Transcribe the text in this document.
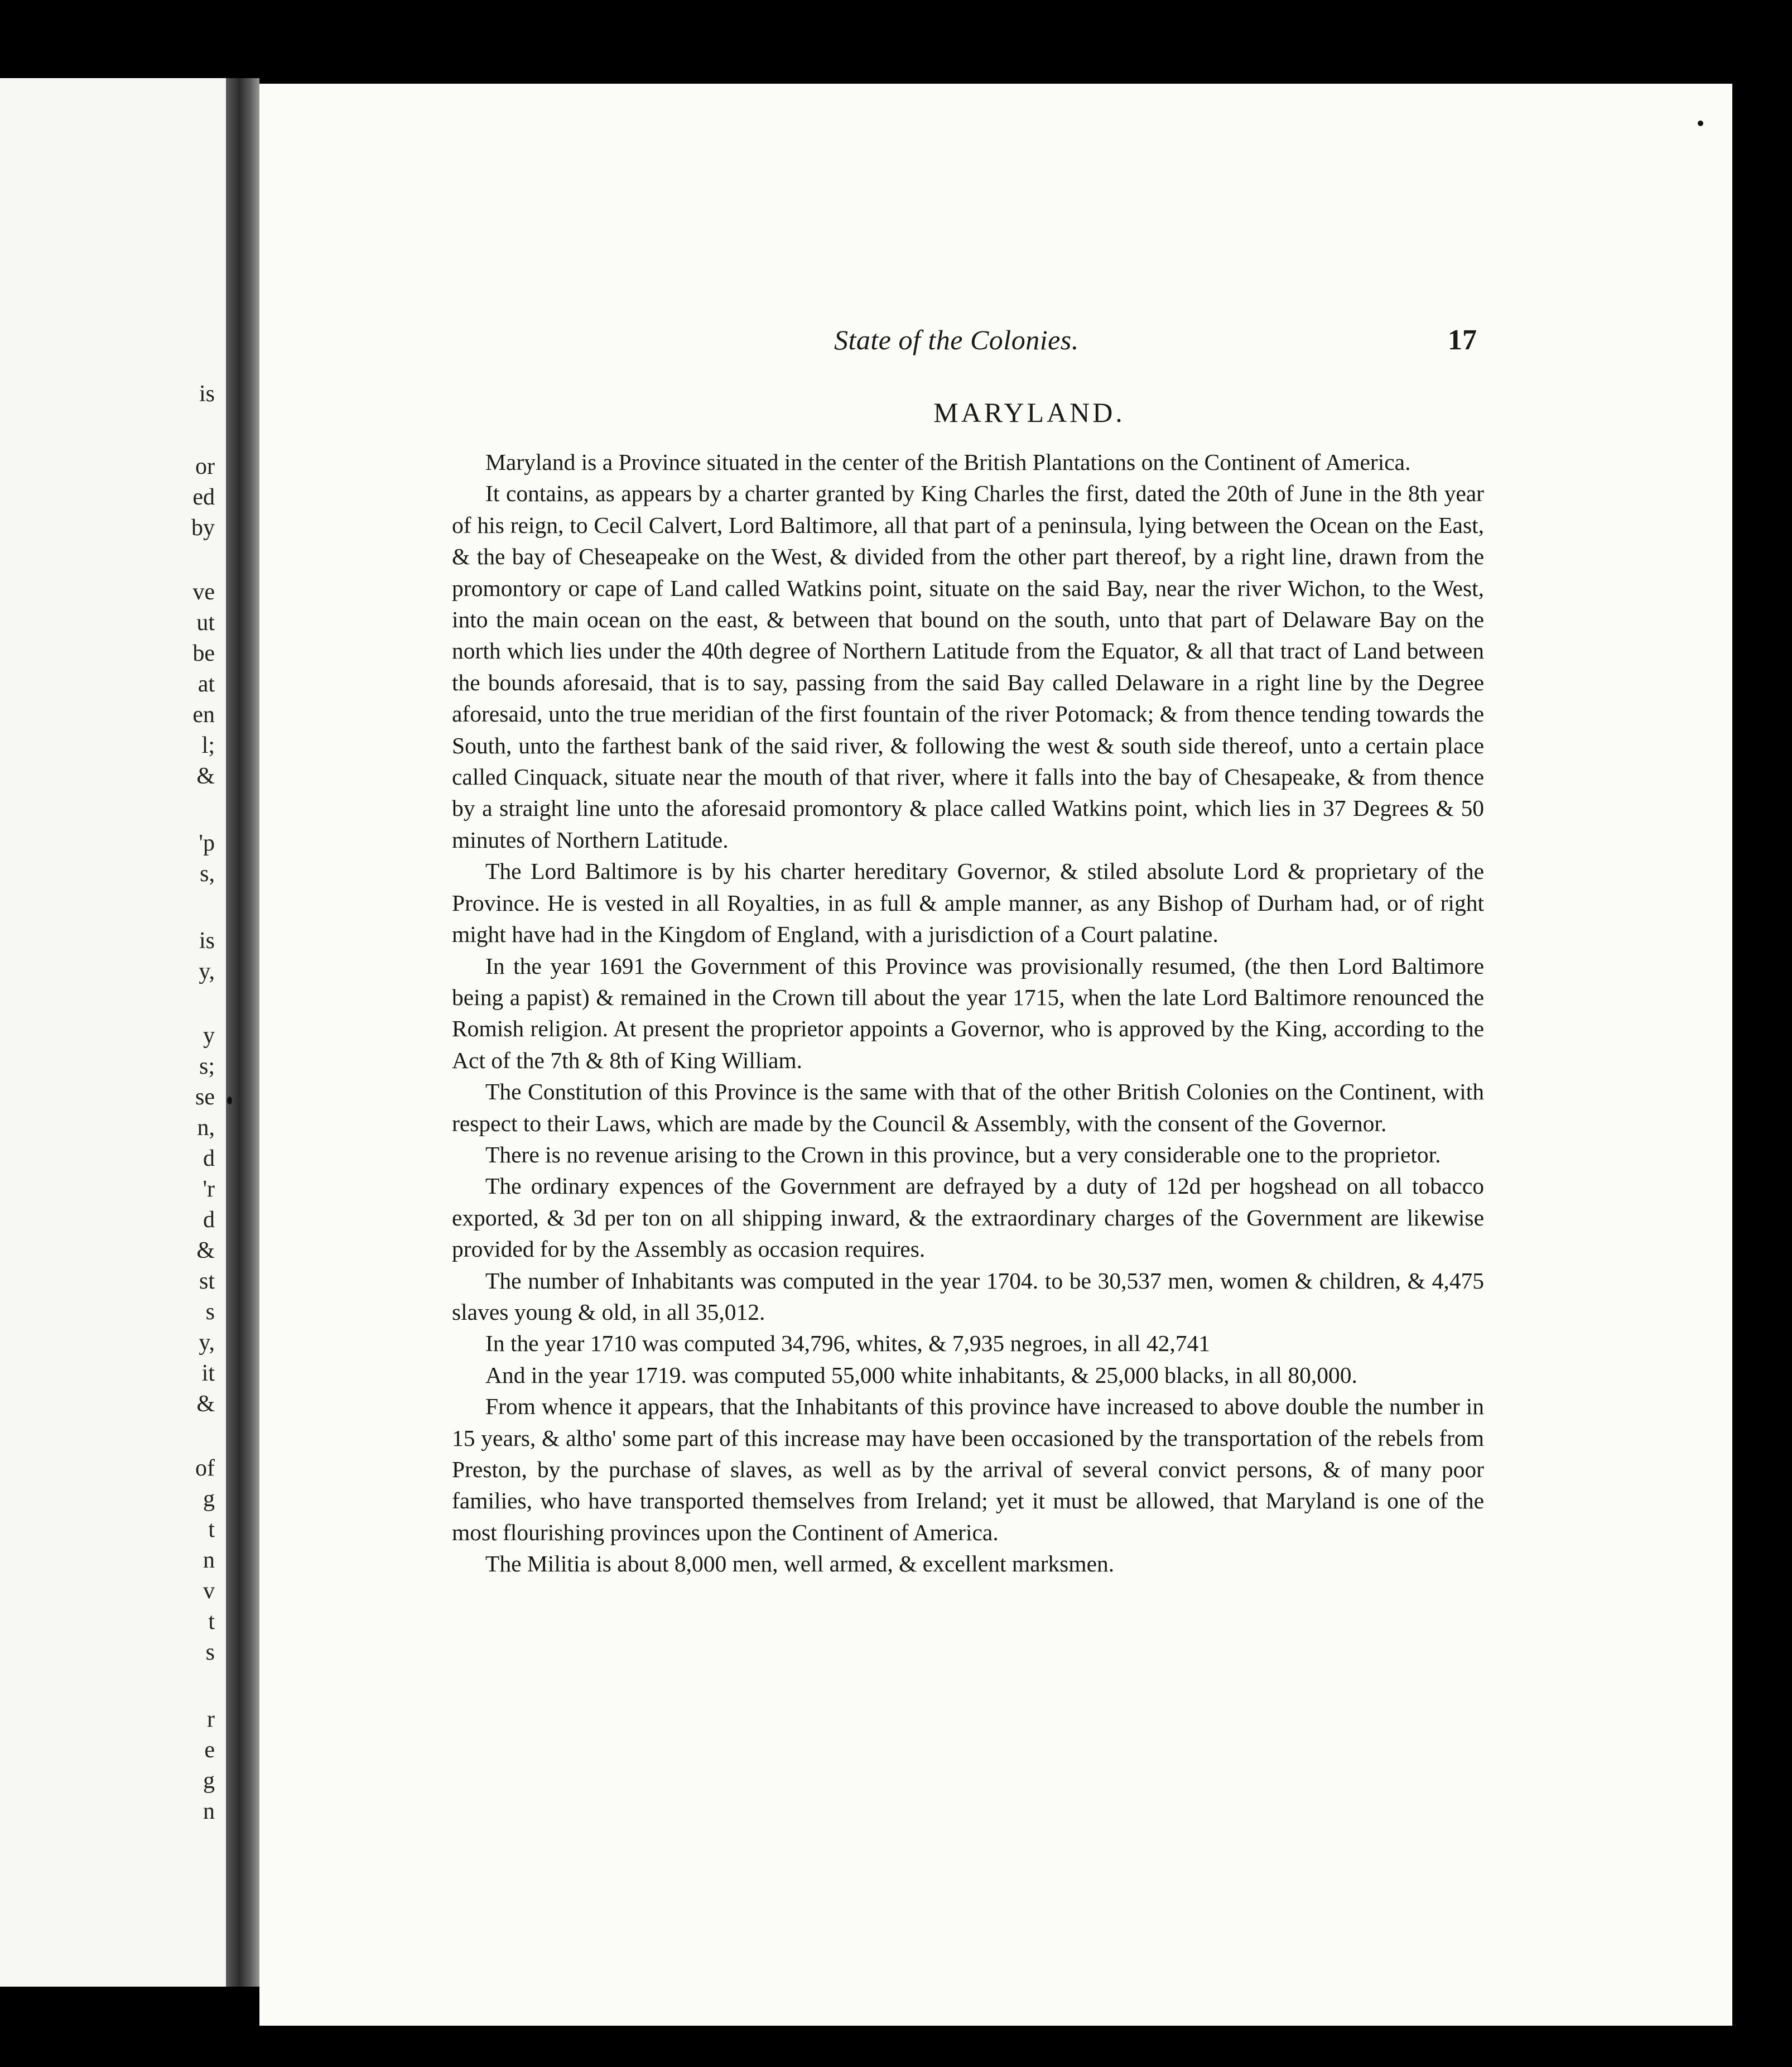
is
or
ed
by
ve
ut
be
at
en
l;
&
'p
s,
is
y,
y
s;
se
n,
d
'r
d
&
st
s
y,
it
&
of
g
t
n
v
t
s
r
e
g
n
State of the Colonies.	17
MARYLAND.

Maryland is a Province situated in the center of the British Plantations on the Continent of America.

It contains, as appears by a charter granted by King Charles the first, dated the 20th of June in the 8th year of his reign, to Cecil Calvert, Lord Baltimore, all that part of a peninsula, lying between the Ocean on the East, & the bay of Cheseapeake on the West, & divided from the other part thereof, by a right line, drawn from the promontory or cape of Land called Watkins point, situate on the said Bay, near the river Wichon, to the West, into the main ocean on the east, & between that bound on the south, unto that part of Delaware Bay on the north which lies under the 40th degree of Northern Latitude from the Equator, & all that tract of Land between the bounds aforesaid, that is to say, passing from the said Bay called Delaware in a right line by the Degree aforesaid, unto the true meridian of the first fountain of the river Potomack; & from thence tending towards the South, unto the farthest bank of the said river, & following the west & south side thereof, unto a certain place called Cinquack, situate near the mouth of that river, where it falls into the bay of Chesapeake, & from thence by a straight line unto the aforesaid promontory & place called Watkins point, which lies in 37 Degrees & 50 minutes of Northern Latitude.

The Lord Baltimore is by his charter hereditary Governor, & stiled absolute Lord & proprietary of the Province. He is vested in all Royalties, in as full & ample manner, as any Bishop of Durham had, or of right might have had in the Kingdom of England, with a jurisdiction of a Court palatine.

In the year 1691 the Government of this Province was provisionally resumed, (the then Lord Baltimore being a papist) & remained in the Crown till about the year 1715, when the late Lord Baltimore renounced the Romish religion. At present the proprietor appoints a Governor, who is approved by the King, according to the Act of the 7th & 8th of King William.

The Constitution of this Province is the same with that of the other British Colonies on the Continent, with respect to their Laws, which are made by the Council & Assembly, with the consent of the Governor.

There is no revenue arising to the Crown in this province, but a very considerable one to the proprietor.

The ordinary expences of the Government are defrayed by a duty of 12d per hogshead on all tobacco exported, & 3d per ton on all shipping inward, & the extraordinary charges of the Government are likewise provided for by the Assembly as occasion requires.

The number of Inhabitants was computed in the year 1704. to be 30,537 men, women & children, & 4,475 slaves young & old, in all 35,012.

In the year 1710 was computed 34,796, whites, & 7,935 negroes, in all 42,741

And in the year 1719. was computed 55,000 white inhabitants, & 25,000 blacks, in all 80,000.

From whence it appears, that the Inhabitants of this province have increased to above double the number in 15 years, & altho' some part of this increase may have been occasioned by the transportation of the rebels from Preston, by the purchase of slaves, as well as by the arrival of several convict persons, & of many poor families, who have transported themselves from Ireland; yet it must be allowed, that Maryland is one of the most flourishing provinces upon the Continent of America.

The Militia is about 8,000 men, well armed, & excellent marksmen.
